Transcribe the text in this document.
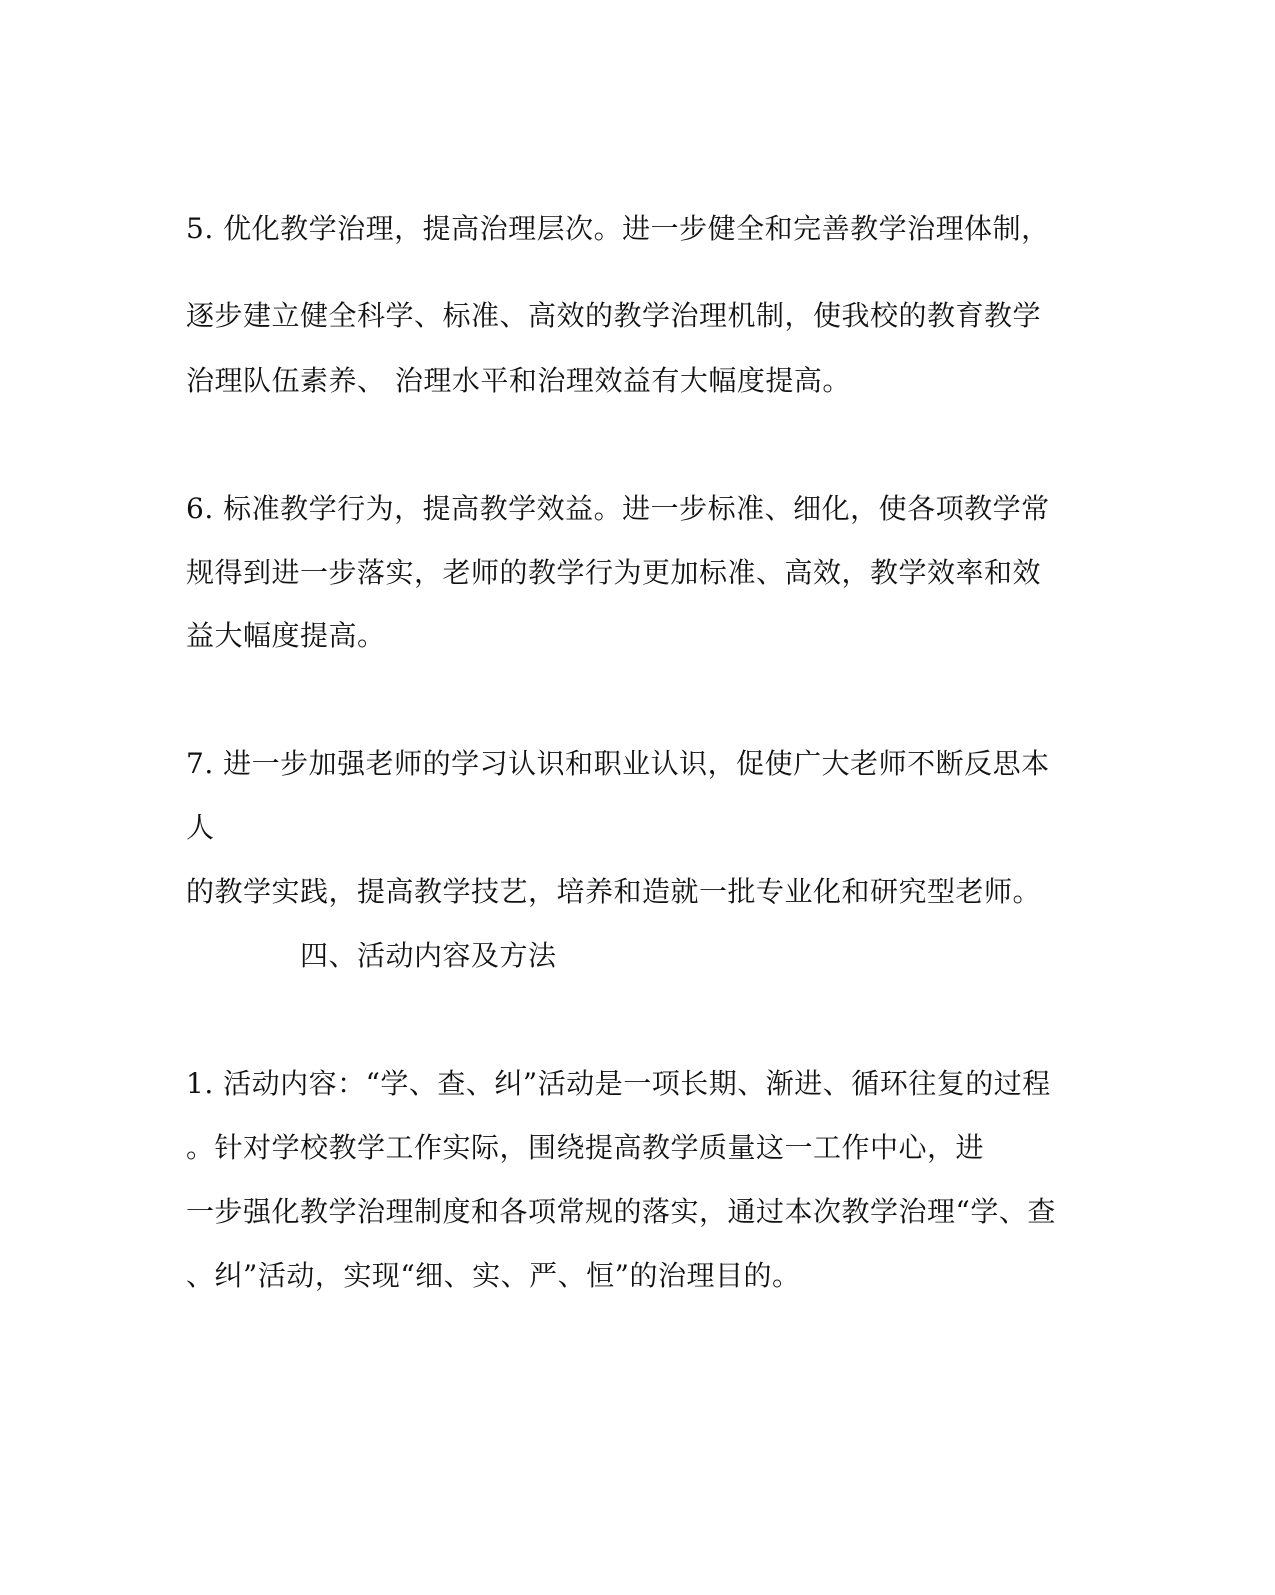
5. 优化教学治理，提高治理层次。进一步健全和完善教学治理体制，
逐步建立健全科学、标准、高效的教学治理机制，使我校的教育教学
治理队伍素养、 治理水平和治理效益有大幅度提高。
6. 标准教学行为，提高教学效益。进一步标准、细化，使各项教学常
规得到进一步落实，老师的教学行为更加标准、高效，教学效率和效
益大幅度提高。
7. 进一步加强老师的学习认识和职业认识，促使广大老师不断反思本
人
的教学实践，提高教学技艺，培养和造就一批专业化和研究型老师。
四、活动内容及方法
1. 活动内容：“学、查、纠”活动是一项长期、渐进、循环往复的过程
。针对学校教学工作实际，围绕提高教学质量这一工作中心，进
一步强化教学治理制度和各项常规的落实，通过本次教学治理“学、查
、纠”活动，实现“细、实、严、恒”的治理目的。
